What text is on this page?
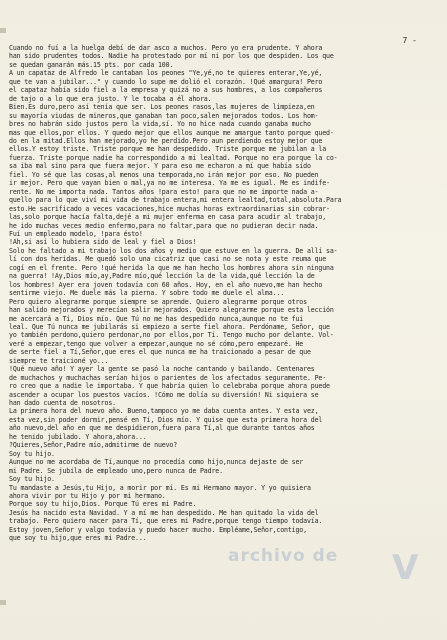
7 -
Cuando no fuí a la huelga debí de dar asco a muchos. Pero yo era prudente. Y ahora
han sido prudentes todos. Nadie ha protestado por mí ni por los que despiden. Los que
se quedan ganarán más.15 pts. por cada 100.
A un capataz de Alfredo le cantaban los peones "Ye,yé,no te quieres enterar,Ye,yé,
que te van a jubilar..." y cuando lo supe me dolió el corazón. !Qué amargura! Pero
el capataz había sido fiel a la empresa y quizá no a sus hombres, a los compañeros
de tajo o a lo que era justo. Y le tocaba a él ahora.
Bien.Es duro,pero así tenía que ser. Los peones rasos,las mujeres de limpieza,en
su mayoría viudas de mineros,que ganaban tan poco,salen mejorados todos. Los hom-
bres no habrán sido justos pero la vida,sí. Yo no hice nada cuando ganaba mucho
mas que ellos,por ellos. Y quedo mejor que ellos aunque me amargue tanto porque qued-
do en la mitad.Ellos han mejorado,yo he perdido.Pero aun perdiendo estoy mejor que
ellos.Y estoy triste. Triste porque me han despedido. Triste porque me jubilan a la
fuerza. Triste porque nadie ha correspondido a mi lealtad. Porque no era porque la co-
sa iba mal sino para que fuera mejor. Y para eso me echaron a mí que había sido
fiel. Yo sé que las cosas,al menos una temporada,no irán mejor por eso. No pueden
ir mejor. Pero que vayan bien o mal,ya no me interesa. Ya me es igual. Me es indife-
rente. No me importa nada. Tantos años !para esto! para que no me importe nada a-
quello para lo que viví mi vida de trabajo entera,mi entera lealtad,total,absoluta.Para
esto.He sacrificado a veces vacaciones,hice muchas horas extraordinarias sin cobrar-
las,solo porque hacía falta,dejé a mi mujer enferma en casa para acudir al trabajo,
he ido muchas veces medio enfermo,para no faltar,para que no pudieran decir nada.
Fuí un empleado modelo, !para ésto!
!Ah,si así lo hubiera sido de leal y fiel a Dios!
Solo he faltado a mi trabajo los dos años y medio que estuve en la guerra. De allí sa-
lí con dos heridas. Me quedó solo una cicatriz que casi no se nota y este reuma que
cogí en el frente. Pero !qué herida la que me han hecho los hombres ahora sin ninguna
na guerra! !Ay,Dios mío,ay,Padre mío,qué lección la de la vida,qué lección la de
los hombres! Ayer era joven todavía con 60 años. Hoy, en el año nuevo,me han hecho
sentirme viejo. Me duele más la pierna. Y sobre todo me duele el alma...
Pero quiero alegrarme porque siempre se aprende. Quiero alegrarme porque otros
han salido mejorados y merecían salir mejorados. Quiero alegrarme porque esta lección
me acercará a Tí, Dios mío. Que Tú no me has despedido nunca,aunque no te fui
leal. Que Tú nunca me jubilarás si empiezo a serte fiel ahora. Perdóname, Señor, que
yo también perdono,quiero perdonar,no por ellos,por Tí. Tengo mucho por delante. Vol-
veré a empezar,tengo que volver a empezar,aunque no sé cómo,pero empezaré. He
de serte fiel a Tí,Señor,que eres el que nunca me ha traicionado a pesar de que
siempre te traicioné yo...
!Qué nuevo año! Y ayer la gente se pasó la noche cantando y bailando. Centenares
de muchachos y muchachas serían hijos o parientes de los afectados seguramente. Pe-
ro creo que a nadie le importaba. Y que habría quien lo celebraba porque ahora puede
ascender a ocupar los puestos vacíos. !Cómo me dolía su diversión! Ni siquiera se
han dado cuenta de nosotros.
La primera hora del nuevo año. Bueno,tampoco yo me daba cuenta antes. Y esta vez,
esta vez,sin poder dormir,pensé en Tí, Dios mío. Y quise que esta primera hora del
año nuevo,del año en que me despidieron,fuera para Tí,al que durante tantos años
he tenido jubilado. Y ahora,ahora...
?Quieres,Señor,Padre mío,admitirme de nuevo?
Soy tu hijo.
Aunque no me acordaba de Tí,aunque no procedía como hijo,nunca dejaste de ser
mi Padre. Se jubila de empleado uno,pero nunca de Padre.
Soy tu hijo.
Tu mandaste a Jesús,tu Hijo, a morir por mí. Es mi Hermano mayor. Y yo quisiera
ahora vivir por tu Hijo y por mi hermano.
Porque soy tu hijo,Dios. Porque Tú eres mi Padre.
Jesús ha nacido esta Navidad. Y a mí me han despedido. Me han quitado la vida del
trabajo. Pero quiero nacer para Tí, que eres mi Padre,porque tengo tiempo todavía.
Estoy joven,Señor y valgo todavía y puedo hacer mucho. Empléame,Señor,contigo,
que soy tu hijo,que eres mi Padre...
archivo de V
